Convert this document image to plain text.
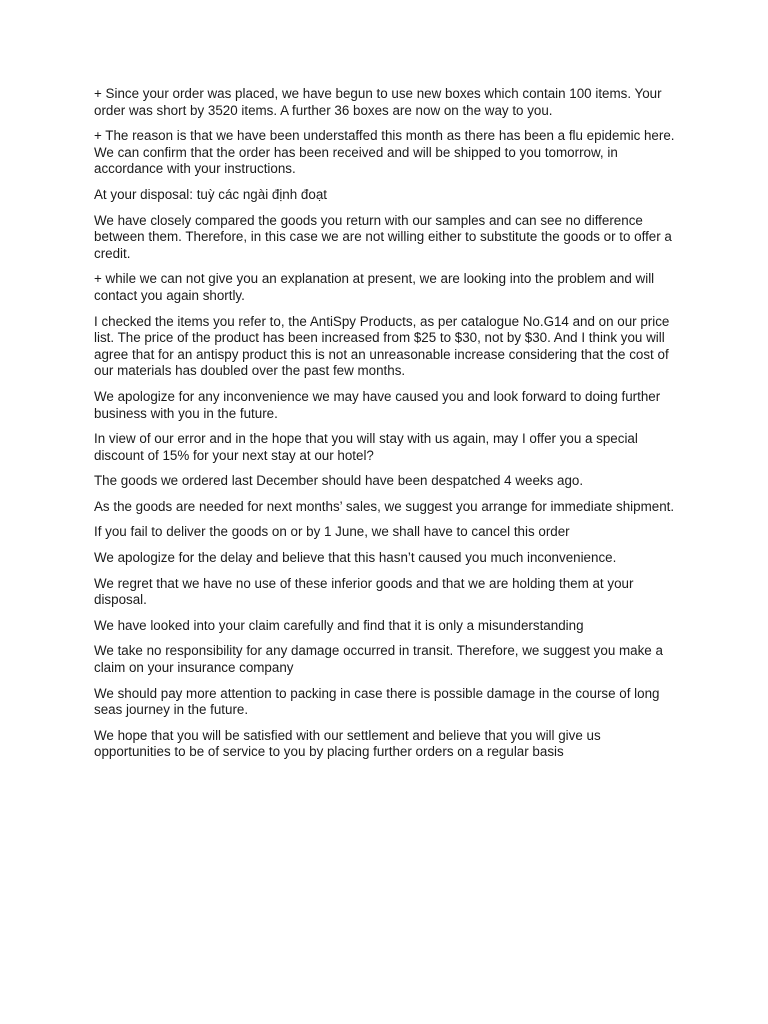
+ Since your order was placed, we have begun to use new boxes which contain 100 items. Your order was short by 3520 items. A further 36 boxes are now on the way to you.

+ The reason is that we have been understaffed this month as there has been a flu epidemic here. We can confirm that the order has been received and will be shipped to you tomorrow, in accordance with your instructions.

At your disposal: tuỳ các ngài định đoạt

We have closely compared the goods you return with our samples and can see no difference between them. Therefore, in this case we are not willing either to substitute the goods or to offer a credit.

+ while we can not give you an explanation at present, we are looking into the problem and will contact you again shortly.

I checked the items you refer to, the AntiSpy Products, as per catalogue No.G14 and on our price list. The price of the product has been increased from $25 to $30, not by $30. And I think you will agree that for an antispy product this is not an unreasonable increase considering that the cost of our materials has doubled over the past few months.

We apologize for any inconvenience we may have caused you and look forward to doing further business with you in the future.

In view of our error and in the hope that you will stay with us again, may I offer you a special discount of 15% for your next stay at our hotel?

The goods we ordered last December should have been despatched 4 weeks ago.

As the goods are needed for next months’ sales, we suggest you arrange for immediate shipment.

If you fail to deliver the goods on or by 1 June, we shall have to cancel this order

We apologize for the delay and believe that this hasn’t caused you much inconvenience.

We regret that we have no use of these inferior goods and that we are holding them at your disposal.

We have looked into your claim carefully and find that it is only a misunderstanding

We take no responsibility for any damage occurred in transit. Therefore, we suggest you make a claim on your insurance company

We should pay more attention to packing in case there is possible damage in the course of long seas journey in the future.

We hope that you will be satisfied with our settlement and believe that you will give us opportunities to be of service to you by placing further orders on a regular basis
